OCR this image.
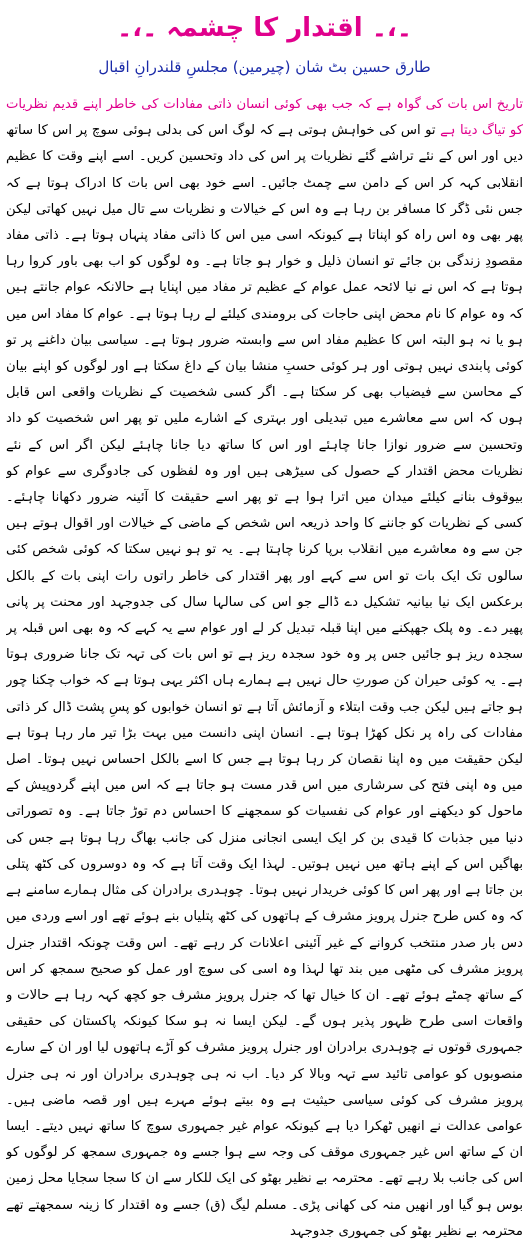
۔،۔ اقتدار کا چشمہ ۔،۔
طارق حسین بٹ شان (چیرمین) مجلسِ قلندرانِ اقبال

تاریخ اس بات کی گواہ ہے کہ جب بھی کوئی انسان ذاتی مفادات کی خاطر اپنے قدیم نظریات کو تیاگ دیتا ہے تو اس کی خواہش ہوتی ہے کہ لوگ اس کی بدلی ہوئی سوچ پر اس کا ساتھ دیں اور اس کے نئے تراشے گئے نظریات پر اس کی داد وتحسین کریں۔ اسے اپنے وقت کا عظیم انقلابی کہہ کر اس کے دامن سے چمٹ جائیں۔ اسے خود بھی اس بات کا ادراک ہوتا ہے کہ جس نئی ڈگر کا مسافر بن رہا ہے وہ اس کے خیالات و نظریات سے تال میل نہیں کھاتی لیکن پھر بھی وہ اس راہ کو اپناتا ہے کیونکہ اسی میں اس کا ذاتی مفاد پنہاں ہوتا ہے۔ ذاتی مفاد مقصودِ زندگی بن جائے تو انسان ذلیل و خوار ہو جاتا ہے۔ وہ لوگوں کو اب بھی باور کروا رہا ہوتا ہے کہ اس نے نیا لائحہ عمل عوام کے عظیم تر مفاد میں اپنایا ہے حالانکہ عوام جانتے ہیں کہ وہ عوام کا نام محض اپنی حاجات کی برومندی کیلئے لے رہا ہوتا ہے۔ عوام کا مفاد اس میں ہو یا نہ ہو البتہ اس کا عظیم مفاد اس سے وابستہ ضرور ہوتا ہے۔ سیاسی بیان داغنے پر تو کوئی پابندی نہیں ہوتی اور ہر کوئی حسبِ منشا بیان کے داغ سکتا ہے اور لوگوں کو اپنے بیان کے محاسن سے فیضیاب بھی کر سکتا ہے۔ اگر کسی شخصیت کے نظریات واقعی اس قابل ہوں کہ اس سے معاشرے میں تبدیلی اور بہتری کے اشارے ملیں تو پھر اس شخصیت کو داد وتحسین سے ضرور نوازا جانا چاہئے اور اس کا ساتھ دیا جانا چاہئے لیکن اگر اس کے نئے نظریات محض اقتدار کے حصول کی سیڑھی ہیں اور وہ لفظوں کی جادوگری سے عوام کو بیوقوف بنانے کیلئے میدان میں اترا ہوا ہے تو پھر اسے حقیقت کا آئینہ ضرور دکھانا چاہئے۔ کسی کے نظریات کو جاننے کا واحد ذریعہ اس شخص کے ماضی کے خیالات اور اقوال ہوتے ہیں جن سے وہ معاشرے میں انقلاب برپا کرنا چاہتا ہے۔ یہ تو ہو نہیں سکتا کہ کوئی شخص کئی سالوں تک ایک بات تو اس سے کہے اور پھر اقتدار کی خاطر راتوں رات اپنی بات کے بالکل برعکس ایک نیا بیانیہ تشکیل دے ڈالے جو اس کی سالہا سال کی جدوجہد اور محنت پر پانی پھیر دے۔ وہ پلک جھپکنے میں اپنا قبلہ تبدیل کر لے اور عوام سے یہ کہے کہ وہ بھی اس قبلہ پر سجدہ ریز ہو جائیں جس پر وہ خود سجدہ ریز ہے تو اس بات کی تہہ تک جانا ضروری ہوتا ہے۔ یہ کوئی حیران کن صورتِ حال نہیں ہے ہمارے ہاں اکثر یہی ہوتا ہے کہ خواب چکنا چور ہو جاتے ہیں لیکن جب وقت ابتلاء و آزمائش آتا ہے تو انسان خوابوں کو پسِ پشت ڈال کر ذاتی مفادات کی راہ پر نکل کھڑا ہوتا ہے۔ انسان اپنی دانست میں بہت بڑا تیر مار رہا ہوتا ہے لیکن حقیقت میں وہ اپنا نقصان کر رہا ہوتا ہے جس کا اسے بالکل احساس نہیں ہوتا۔ اصل میں وہ اپنی فتح کی سرشاری میں اس قدر مست ہو جاتا ہے کہ اس میں اپنے گردوپیش کے ماحول کو دیکھنے اور عوام کی نفسیات کو سمجھنے کا احساس دم توڑ جاتا ہے۔ وہ تصوراتی دنیا میں جذبات کا قیدی بن کر ایک ایسی انجانی منزل کی جانب بھاگ رہا ہوتا ہے جس کی بھاگیں اس کے اپنے ہاتھ میں نہیں ہوتیں۔ لہذا ایک وقت آتا ہے کہ وہ دوسروں کی کٹھ پتلی بن جاتا ہے اور پھر اس کا کوئی خریدار نہیں ہوتا۔ چوہدری برادران کی مثال ہمارے سامنے ہے کہ وہ کس طرح جنرل پرویز مشرف کے ہاتھوں کی کٹھ پتلیاں بنے ہوئے تھے اور اسے وردی میں دس بار صدر منتخب کروانے کے غیر آئینی اعلانات کر رہے تھے۔ اس وقت چونکہ اقتدار جنرل پرویز مشرف کی مٹھی میں بند تھا لہذا وہ اسی کی سوچ اور عمل کو صحیح سمجھ کر اس کے ساتھ چمٹے ہوئے تھے۔ ان کا خیال تھا کہ جنرل پرویز مشرف جو کچھ کہہ رہا ہے حالات و واقعات اسی طرح ظہور پذیر ہوں گے۔ لیکن ایسا نہ ہو سکا کیونکہ پاکستان کی حقیقی جمہوری قوتوں نے چوہدری برادران اور جنرل پرویز مشرف کو آڑے ہاتھوں لیا اور ان کے سارے منصوبوں کو عوامی تائید سے تہہ وبالا کر دیا۔ اب نہ ہی چوہدری برادران اور نہ ہی جنرل پرویز مشرف کی کوئی سیاسی حیثیت ہے وہ بیتے ہوئے مہرے ہیں اور قصہ ماضی ہیں۔ عوامی عدالت نے انھیں ٹھکرا دیا ہے کیونکہ عوام غیر جمہوری سوچ کا ساتھ نہیں دیتے۔ ایسا ان کے ساتھ اس غیر جمہوری موقف کی وجہ سے ہوا جسے وہ جمہوری سمجھ کر لوگوں کو اس کی جانب بلا رہے تھے۔ محترمہ بے نظیر بھٹو کی ایک للکار سے ان کا سجا سجایا محل زمین بوس ہو گیا اور انھیں منہ کی کھانی پڑی۔ مسلم لیگ (ق) جسے وہ اقتدار کا زینہ سمجھتے تھے محترمہ بے نظیر بھٹو کی جمہوری جدوجہد
